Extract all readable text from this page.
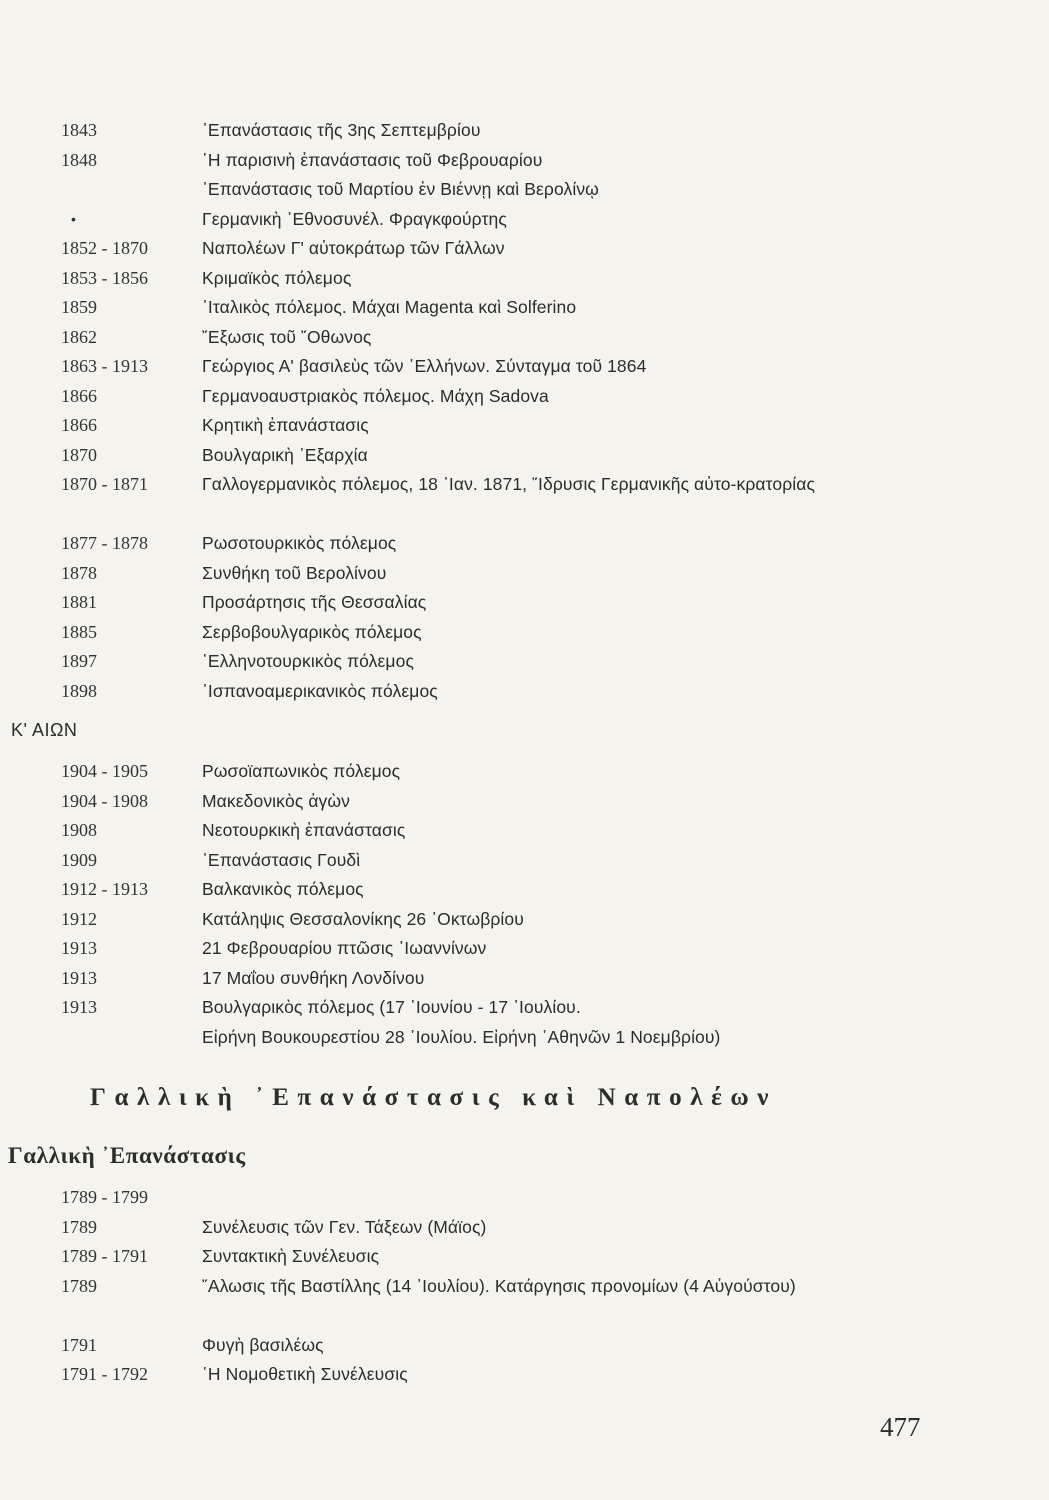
1843	᾿Επανάστασις τῆς 3ης Σεπτεμβρίου
1848	῾Η παρισινὴ ἐπανάστασις τοῦ Φεβρουαρίου
᾿Επανάστασις τοῦ Μαρτίου ἐν Βιέννῃ καὶ Βερολίνῳ
Γερμανικὴ ᾿Εθνοσυνέλ. Φραγκφούρτης
•
1852 - 1870	Ναπολέων Γ' αὐτοκράτωρ τῶν Γάλλων
1853 - 1856	Κριμαϊκὸς πόλεμος
1859	᾿Ιταλικὸς πόλεμος. Μάχαι Magenta καὶ Solferino
1862	῎Εξωσις τοῦ ῎Οθωνος
1863 - 1913	Γεώργιος Α' βασιλεὺς τῶν ῾Ελλήνων. Σύνταγμα τοῦ 1864
1866	Γερμανοαυστριακὸς πόλεμος. Μάχη Sadova
1866	Κρητικὴ ἐπανάστασις
1870	Βουλγαρικὴ ᾿Εξαρχία
1870 - 1871	Γαλλογερμανικὸς πόλεμος, 18 ᾿Ιαν. 1871, ῞Ιδρυσις Γερμανικῆς αὐτο-κρατορίας
1877 - 1878	Ρωσοτουρκικὸς πόλεμος
1878	Συνθήκη τοῦ Βερολίνου
1881	Προσάρτησις τῆς Θεσσαλίας
1885	Σερβοβουλγαρικὸς πόλεμος
1897	῾Ελληνοτουρκικὸς πόλεμος
1898	᾿Ισπανοαμερικανικὸς πόλεμος
Κ' ΑΙΩΝ
1904 - 1905	Ρωσοϊαπωνικὸς πόλεμος
1904 - 1908	Μακεδονικὸς ἀγὼν
1908	Νεοτουρκικὴ ἐπανάστασις
1909	᾿Επανάστασις Γουδὶ
1912 - 1913	Βαλκανικὸς πόλεμος
1912	Κατάληψις Θεσσαλονίκης 26 ᾿Οκτωβρίου
1913	21 Φεβρουαρίου πτῶσις ᾿Ιωαννίνων
1913	17 Μαΐου συνθήκη Λονδίνου
1913	Βουλγαρικὸς πόλεμος (17 ᾿Ιουνίου - 17 ᾿Ιουλίου.
Εἰρήνη Βουκουρεστίου 28 ᾿Ιουλίου. Εἰρήνη ᾿Αθηνῶν 1 Νοεμβρίου)
Γαλλικὴ ᾿Επανάστασις καὶ Ναπολέων
Γαλλικὴ ᾿Επανάστασις
1789 - 1799
1789	Συνέλευσις τῶν Γεν. Τάξεων (Μάϊος)
1789 - 1791	Συντακτικὴ Συνέλευσις
1789	῎Αλωσις τῆς Βαστίλλης (14 ᾿Ιουλίου). Κατάργησις προνομίων (4 Αὐγούστου)
1791	Φυγὴ βασιλέως
1791 - 1792	῾Η Νομοθετικὴ Συνέλευσις
477
